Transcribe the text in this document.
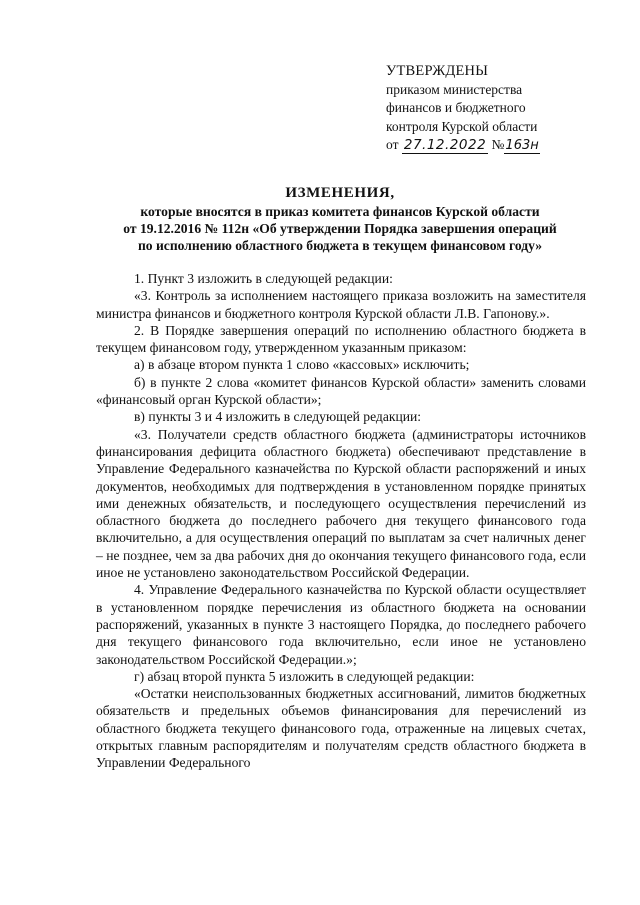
УТВЕРЖДЕНЫ
приказом министерства
финансов и бюджетного
контроля Курской области
от 27.12.2022 №163н
ИЗМЕНЕНИЯ,
которые вносятся в приказ комитета финансов Курской области
от 19.12.2016 № 112н «Об утверждении Порядка завершения операций
по исполнению областного бюджета в текущем финансовом году»

1. Пункт 3 изложить в следующей редакции:

«3. Контроль за исполнением настоящего приказа возложить на заместителя министра финансов и бюджетного контроля Курской области Л.В. Гапонову.».

2. В Порядке завершения операций по исполнению областного бюджета в текущем финансовом году, утвержденном указанным приказом:

а) в абзаце втором пункта 1 слово «кассовых» исключить;

б) в пункте 2 слова «комитет финансов Курской области» заменить словами «финансовый орган Курской области»;

в) пункты 3 и 4 изложить в следующей редакции:

«3. Получатели средств областного бюджета (администраторы источников финансирования дефицита областного бюджета) обеспечивают представление в Управление Федерального казначейства по Курской области распоряжений и иных документов, необходимых для подтверждения в установленном порядке принятых ими денежных обязательств, и последующего осуществления перечислений из областного бюджета до последнего рабочего дня текущего финансового года включительно, а для осуществления операций по выплатам за счет наличных денег – не позднее, чем за два рабочих дня до окончания текущего финансового года, если иное не установлено законодательством Российской Федерации.

4. Управление Федерального казначейства по Курской области осуществляет в установленном порядке перечисления из областного бюджета на основании распоряжений, указанных в пункте 3 настоящего Порядка, до последнего рабочего дня текущего финансового года включительно, если иное не установлено законодательством Российской Федерации.»;

г) абзац второй пункта 5 изложить в следующей редакции:

«Остатки неиспользованных бюджетных ассигнований, лимитов бюджетных обязательств и предельных объемов финансирования для перечислений из областного бюджета текущего финансового года, отраженные на лицевых счетах, открытых главным распорядителям и получателям средств областного бюджета в Управлении Федерального
